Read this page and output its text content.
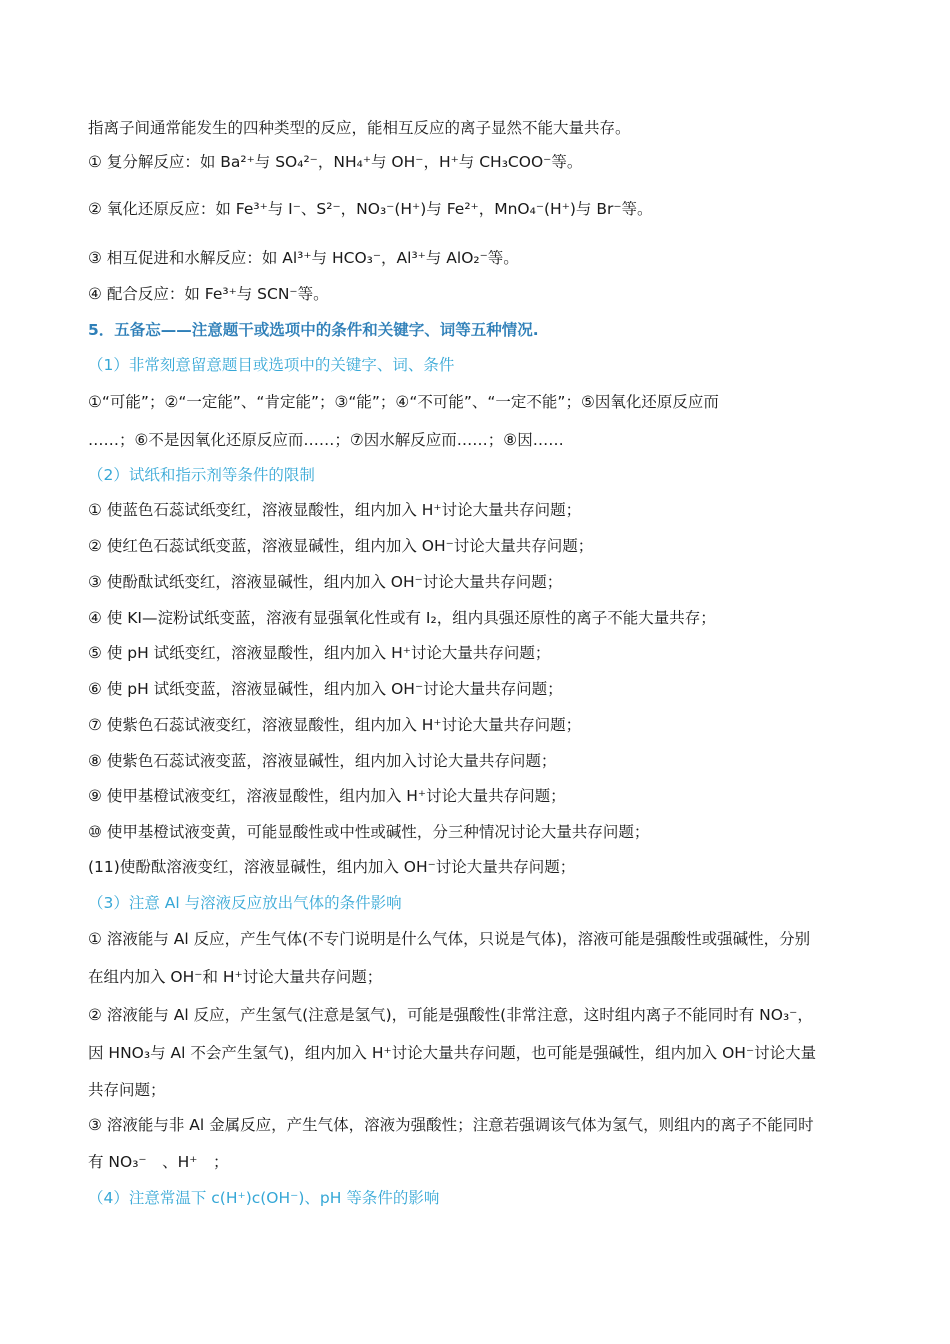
指离子间通常能发生的四种类型的反应，能相互反应的离子显然不能大量共存。
① 复分解反应：如 Ba²⁺与 SO₄²⁻，NH₄⁺与 OH⁻，H⁺与 CH₃COO⁻等。
② 氧化还原反应：如 Fe³⁺与 I⁻、S²⁻，NO₃⁻(H⁺)与 Fe²⁺，MnO₄⁻(H⁺)与 Br⁻等。
③ 相互促进和水解反应：如 Al³⁺与 HCO₃⁻，Al³⁺与 AlO₂⁻等。
④ 配合反应：如 Fe³⁺与 SCN⁻等。
5．五备忘——注意题干或选项中的条件和关键字、词等五种情况.
（1）非常刻意留意题目或选项中的关键字、词、条件
①“可能”；②“一定能”、“肯定能”；③“能”；④“不可能”、“一定不能”；⑤因氧化还原反应而
……；⑥不是因氧化还原反应而……；⑦因水解反应而……；⑧因……
（2）试纸和指示剂等条件的限制
① 使蓝色石蕊试纸变红，溶液显酸性，组内加入 H⁺讨论大量共存问题；
② 使红色石蕊试纸变蓝，溶液显碱性，组内加入 OH⁻讨论大量共存问题；
③ 使酚酞试纸变红，溶液显碱性，组内加入 OH⁻讨论大量共存问题；
④ 使 KI—淀粉试纸变蓝，溶液有显强氧化性或有 I₂，组内具强还原性的离子不能大量共存；
⑤ 使 pH 试纸变红，溶液显酸性，组内加入 H⁺讨论大量共存问题；
⑥ 使 pH 试纸变蓝，溶液显碱性，组内加入 OH⁻讨论大量共存问题；
⑦ 使紫色石蕊试液变红，溶液显酸性，组内加入 H⁺讨论大量共存问题；
⑧ 使紫色石蕊试液变蓝，溶液显碱性，组内加入讨论大量共存问题；
⑨ 使甲基橙试液变红，溶液显酸性，组内加入 H⁺讨论大量共存问题；
⑩ 使甲基橙试液变黄，可能显酸性或中性或碱性，分三种情况讨论大量共存问题；
(11)使酚酞溶液变红，溶液显碱性，组内加入 OH⁻讨论大量共存问题；
（3）注意 Al 与溶液反应放出气体的条件影响
① 溶液能与 Al 反应，产生气体(不专门说明是什么气体，只说是气体)，溶液可能是强酸性或强碱性，分别
在组内加入 OH⁻和 H⁺讨论大量共存问题；
② 溶液能与 Al 反应，产生氢气(注意是氢气)，可能是强酸性(非常注意，这时组内离子不能同时有 NO₃⁻，
因 HNO₃与 Al 不会产生氢气)，组内加入 H⁺讨论大量共存问题，也可能是强碱性，组内加入 OH⁻讨论大量
共存问题；
③ 溶液能与非 Al 金属反应，产生气体，溶液为强酸性；注意若强调该气体为氢气，则组内的离子不能同时
有 NO₃⁻　、H⁺　；
（4）注意常温下 c(H⁺)c(OH⁻)、pH 等条件的影响
